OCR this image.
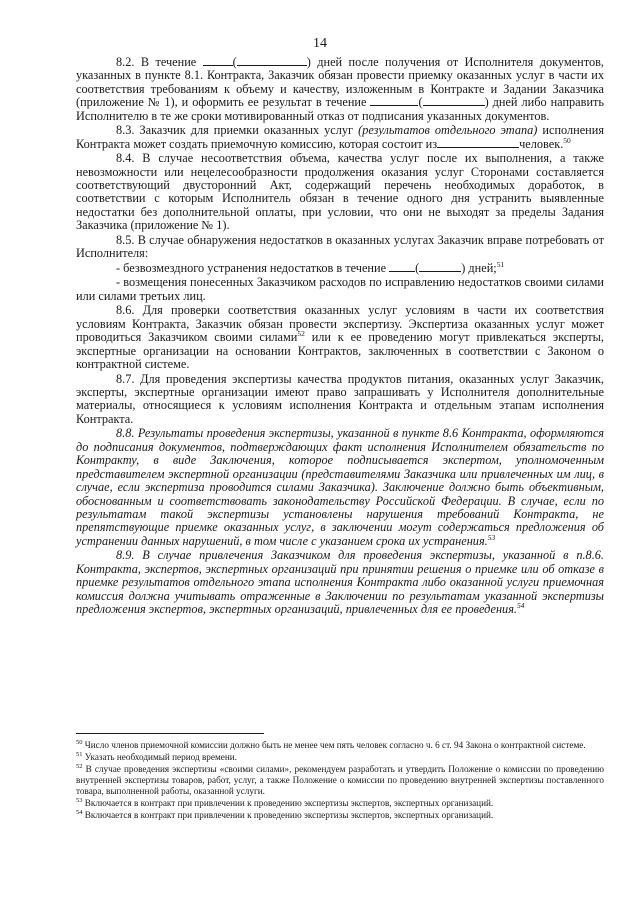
14

8.2. В течение	(	) дней после получения от Исполнителя документов, указанных в пункте 8.1. Контракта, Заказчик обязан провести приемку оказанных услуг в части их соответствия требованиям к объему и качеству, изложенным в Контракте и Задании Заказчика (приложение № 1), и оформить ее результат в течение	(	) дней либо направить Исполнителю в те же сроки мотивированный отказ от подписания указанных документов.

8.3. Заказчик для приемки оказанных услуг (результатов отдельного этапа) исполнения Контракта может создать приемочную комиссию, которая состоит из	человек.$^{50}$

8.4. В случае несоответствия объема, качества услуг после их выполнения, а также невозможности или нецелесообразности продолжения оказания услуг Сторонами составляется соответствующий двусторонний Акт, содержащий перечень необходимых доработок, в соответствии с которым Исполнитель обязан в течение одного дня устранить выявленные недостатки без дополнительной оплаты, при условии, что они не выходят за пределы Задания Заказчика (приложение № 1).

8.5. В случае обнаружения недостатков в оказанных услугах Заказчик вправе потребовать от Исполнителя:

- безвозмездного устранения недостатков в течение (	) дней;$^{51}$

- возмещения понесенных Заказчиком расходов по исправлению недостатков своими силами или силами третьих лиц.

8.6. Для проверки соответствия оказанных услуг условиям в части их соответствия условиям Контракта, Заказчик обязан провести экспертизу. Экспертиза оказанных услуг может проводиться Заказчиком своими силами$^{52}$ или к ее проведению могут привлекаться эксперты, экспертные организации на основании Контрактов, заключенных в соответствии с Законом о контрактной системе.

8.7. Для проведения экспертизы качества продуктов питания, оказанных услуг Заказчик, эксперты, экспертные организации имеют право запрашивать у Исполнителя дополнительные материалы, относящиеся к условиям исполнения Контракта и отдельным этапам исполнения Контракта.

8.8. Результаты проведения экспертизы, указанной в пункте 8.6 Контракта, оформляются до подписания документов, подтверждающих факт исполнения Исполнителем обязательств по Контракту, в виде Заключения, которое подписывается экспертом, уполномоченным представителем экспертной организации (представителями Заказчика или привлеченных им лиц, в случае, если экспертиза проводится силами Заказчика). Заключение должно быть объективным, обоснованным и соответствовать законодательству Российской Федерации. В случае, если по результатам такой экспертизы установлены нарушения требований Контракта, не препятствующие приемке оказанных услуг, в заключении могут содержаться предложения об устранении данных нарушений, в том числе с указанием срока их устранения.$^{53}$

8.9. В случае привлечения Заказчиком для проведения экспертизы, указанной в п.8.6. Контракта, экспертов, экспертных организаций при принятии решения о приемке или об отказе в приемке результатов отдельного этапа исполнения Контракта либо оказанной услуги приемочная комиссия должна учитывать отраженные в Заключении по результатам указанной экспертизы предложения экспертов, экспертных организаций, привлеченных для ее проведения.$^{54}$

$^{50}$ Число членов приемочной комиссии должно быть не менее чем пять человек согласно ч. 6 ст. 94 Закона о контрактной системе.

$^{51}$ Указать необходимый период времени.

$^{52}$ В случае проведения экспертизы «своими силами», рекомендуем разработать и утвердить Положение о комиссии по проведению внутренней экспертизы товаров, работ, услуг, а также Положение о комиссии по проведению внутренней экспертизы поставленного товара, выполненной работы, оказанной услуги.

$^{53}$ Включается в контракт при привлечении к проведению экспертизы экспертов, экспертных организаций.

$^{54}$ Включается в контракт при привлечении к проведению экспертизы экспертов, экспертных организаций.
